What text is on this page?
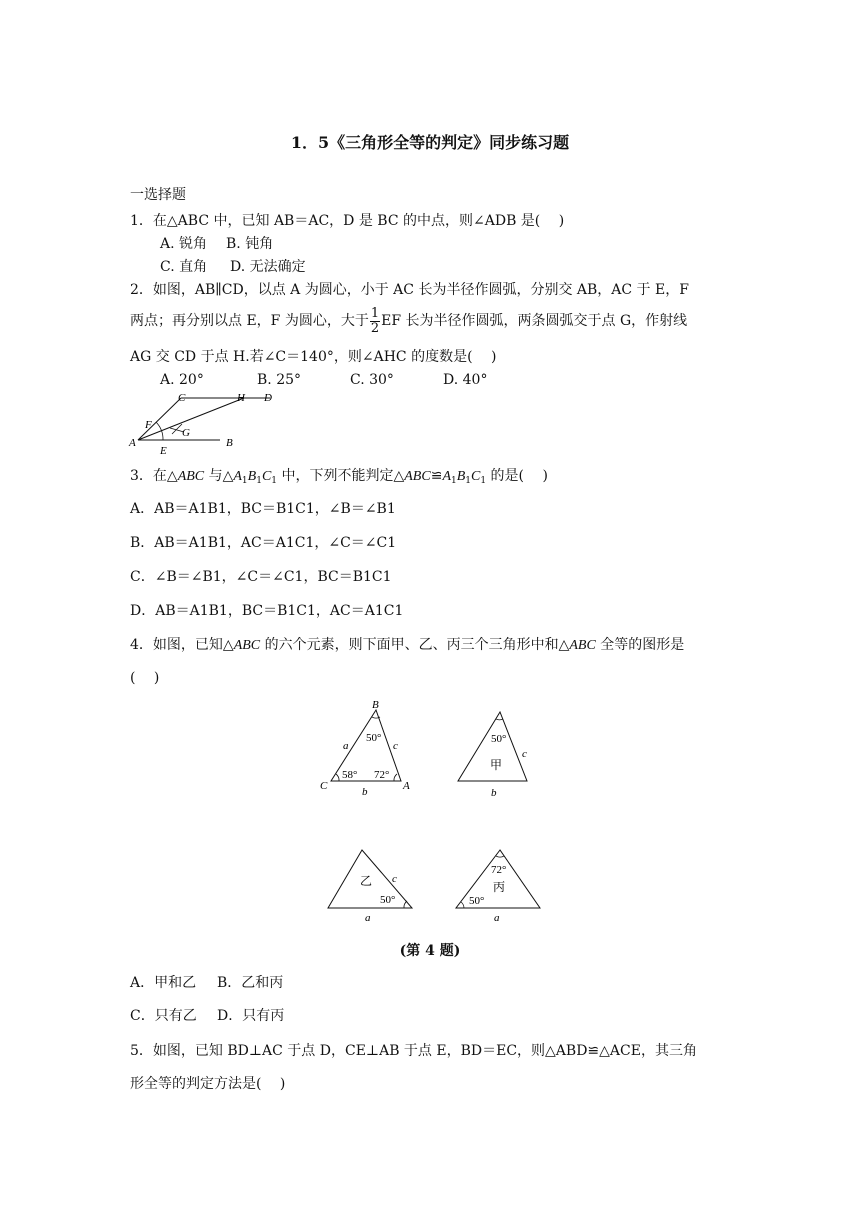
1．5《三角形全等的判定》同步练习题
一选择题
1．在△ABC 中，已知 AB＝AC，D 是 BC 的中点，则∠ADB 是(　 )
A. 锐角 B. 钝角
C. 直角 D. 无法确定
2．如图，AB∥CD，以点 A 为圆心，小于 AC 长为半径作圆弧，分别交 AB，AC 于 E，F
两点；再分别以点 E，F 为圆心，大于 $\frac{1}{2}$ EF 长为半径作圆弧，两条圆弧交于点 G，作射线
AG 交 CD 于点 H.若∠C＝140°，则∠AHC 的度数是(　 )
A. 20°	B. 25°	C. 30°	D. 40°
C	H D
F
G
A
E
B
3．在△ABC 与$\triangle A_1B_1C_1$ 中，下列不能判定$\triangle ABC≌A_1B_1C_1$ 的是(　 )
A．AB＝A1B1，BC＝B1C1，∠B＝∠B1
B．AB＝A1B1，AC＝A1C1，∠C＝∠C1
C．∠B＝∠B1，∠C＝∠C1，BC＝B1C1
D．AB＝A1B1，BC＝B1C1，AC＝A1C1
4．如图，已知△ABC 的六个元素，则下面甲、乙、丙三个三角形中和△ABC 全等的图形是
(　 )
B
C	A
a	c
b
50°
58° 72°
50°
c
甲
b
c
乙
50°
a
72°
丙
50°
a
(第 4 题)
A．甲和乙 B．乙和丙
C．只有乙 D．只有丙
5．如图，已知 BD⊥AC 于点 D，CE⊥AB 于点 E，BD＝EC，则△ABD≌△ACE，其三角
形全等的判定方法是(　 )
